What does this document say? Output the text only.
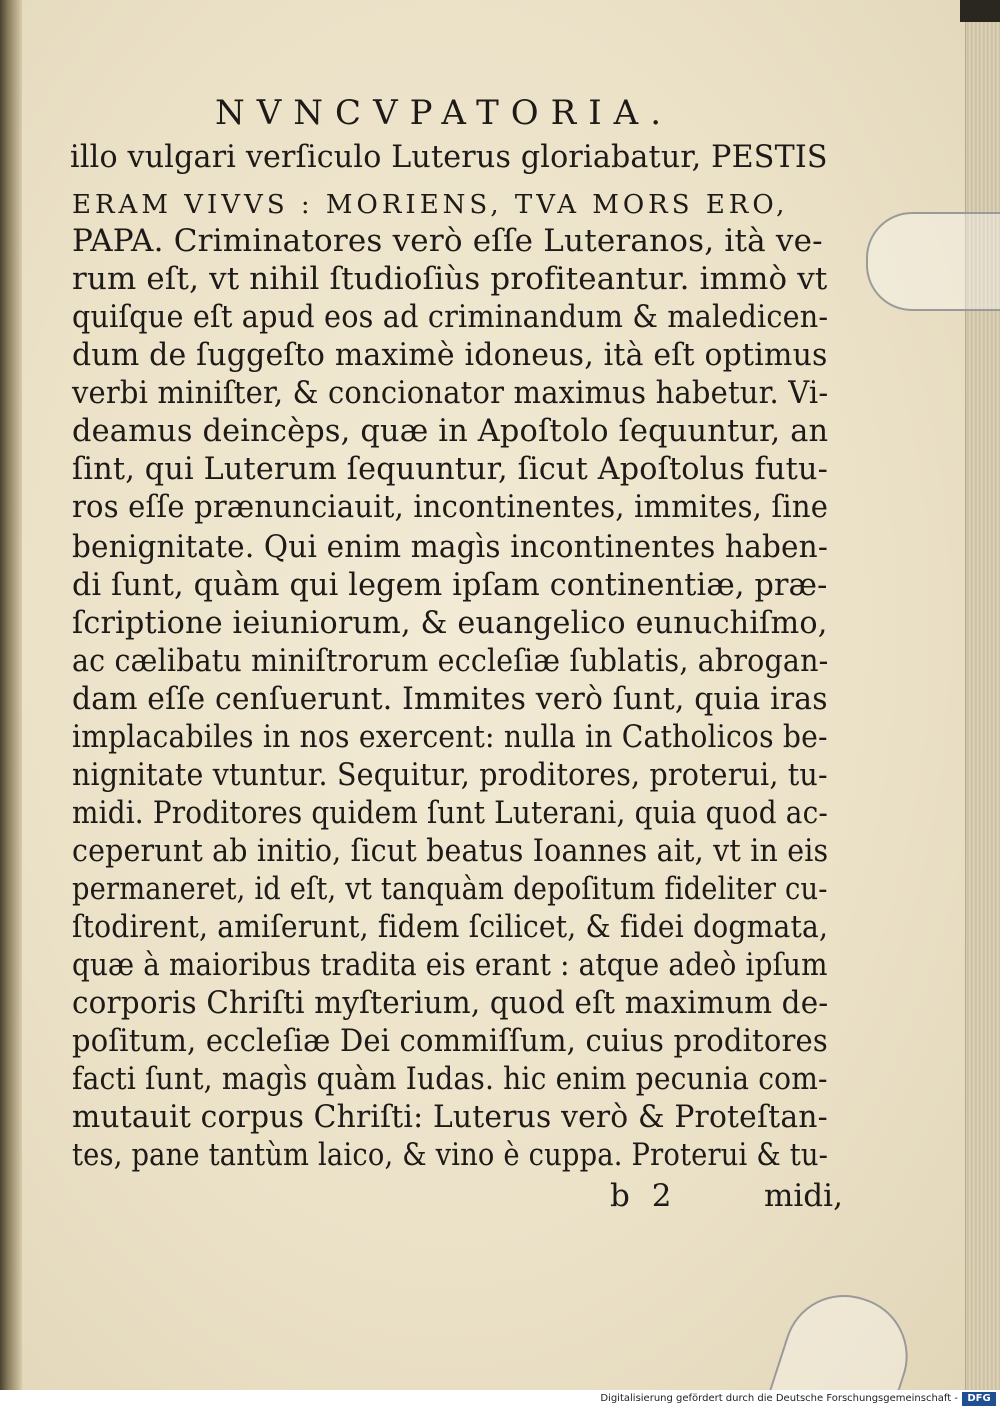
NVNCVPATORIA.
illo vulgari verſiculo Luterus gloriabatur, PESTIS
ERAM VIVVS : MORIENS, TVA MORS ERO,
PAPA. Criminatores verò eſſe Luteranos, ità ve-
rum eſt, vt nihil ſtudioſiùs profiteantur. immò vt
quiſque eſt apud eos ad criminandum & maledicen-
dum de ſuggeſto maximè idoneus, ità eſt optimus
verbi miniſter, & concionator maximus habetur. Vi-
deamus deincèps, quæ in Apoſtolo ſequuntur, an
ſint, qui Luterum ſequuntur, ſicut Apoſtolus futu-
ros eſſe prænunciauit, incontinentes, immites, ſine
benignitate. Qui enim magìs incontinentes haben-
di ſunt, quàm qui legem ipſam continentiæ, præ-
ſcriptione ieiuniorum, & euangelico eunuchiſmo,
ac cælibatu miniſtrorum eccleſiæ ſublatis, abrogan-
dam eſſe cenſuerunt. Immites verò ſunt, quia iras
implacabiles in nos exercent: nulla in Catholicos be-
nignitate vtuntur. Sequitur, proditores, proterui, tu-
midi. Proditores quidem ſunt Luterani, quia quod ac-
ceperunt ab initio, ſicut beatus Ioannes ait, vt in eis
permaneret, id eſt, vt tanquàm depoſitum fideliter cu-
ſtodirent, amiſerunt, fidem ſcilicet, & fidei dogmata,
quæ à maioribus tradita eis erant : atque adeò ipſum
corporis Chriſti myſterium, quod eſt maximum de-
poſitum, eccleſiæ Dei commiſſum, cuius proditores
facti ſunt, magìs quàm Iudas. hic enim pecunia com-
mutauit corpus Chriſti: Luterus verò & Proteſtan-
tes, pane tantùm laico, & vino è cuppa. Proterui & tu-
b 2	midi,
Digitalisierung gefördert durch die Deutsche Forschungsgemeinschaft - DFG
